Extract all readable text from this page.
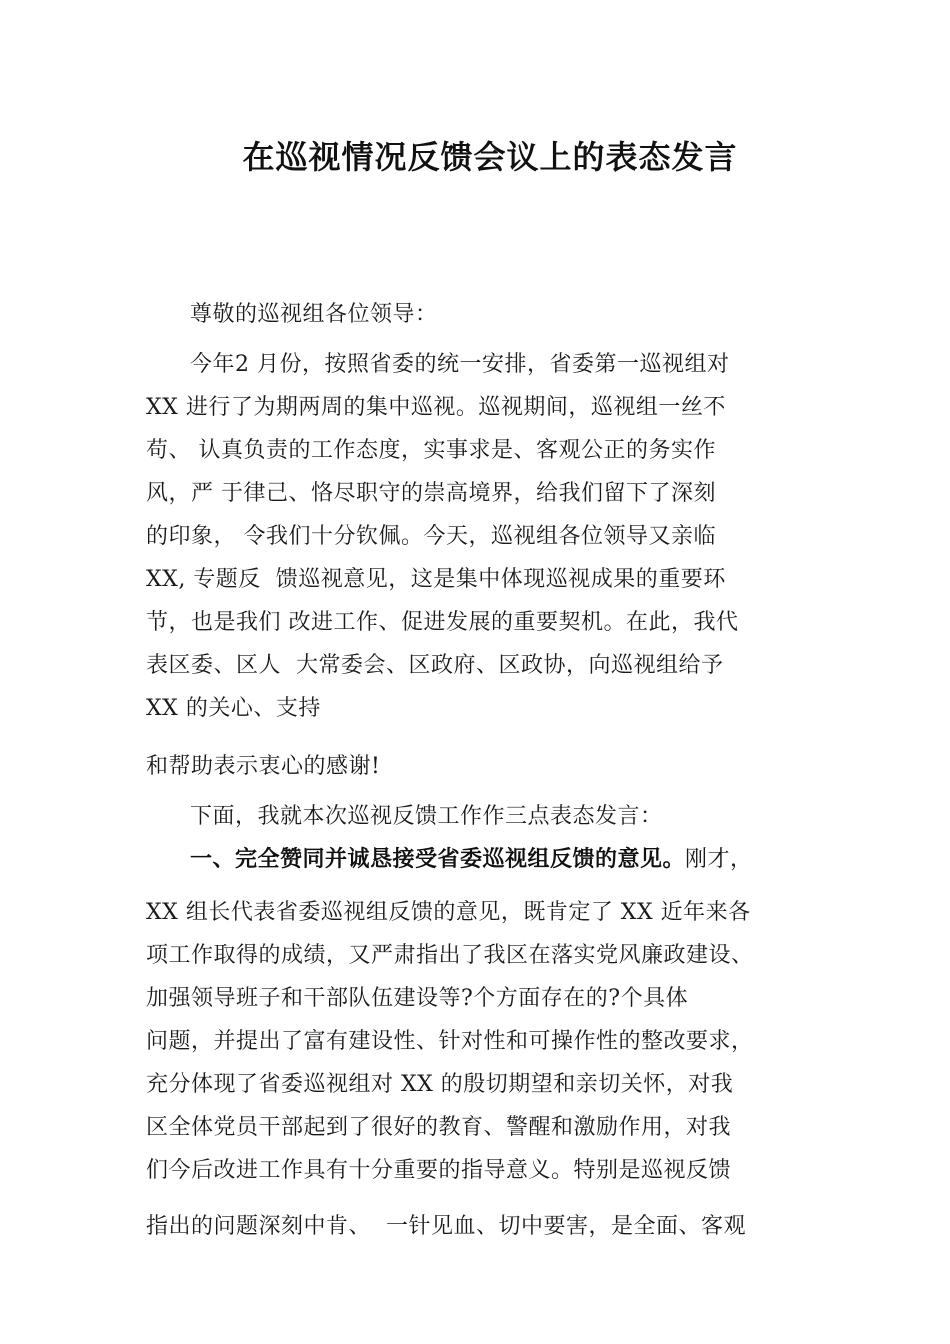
在巡视情况反馈会议上的表态发言
尊敬的巡视组各位领导：
今年2 月份，按照省委的统一安排，省委第一巡视组对
XX 进行了为期两周的集中巡视。巡视期间，巡视组一丝不
苟、 认真负责的工作态度，实事求是、客观公正的务实作
风，严 于律己、恪尽职守的崇高境界，给我们留下了深刻
的印象， 令我们十分钦佩。今天，巡视组各位领导又亲临
XX, 专题反  馈巡视意见，这是集中体现巡视成果的重要环
节，也是我们 改进工作、促进发展的重要契机。在此，我代
表区委、区人  大常委会、区政府、区政协，向巡视组给予
XX 的关心、支持
和帮助表示衷心的感谢!
下面，我就本次巡视反馈工作作三点表态发言：
一、完全赞同并诚恳接受省委巡视组反馈的意见。刚才，
XX 组长代表省委巡视组反馈的意见，既肯定了 XX 近年来各
项工作取得的成绩，又严肃指出了我区在落实党风廉政建设、
加强领导班子和干部队伍建设等?个方面存在的?个具体
问题，并提出了富有建设性、针对性和可操作性的整改要求，
充分体现了省委巡视组对 XX 的殷切期望和亲切关怀，对我
区全体党员干部起到了很好的教育、警醒和激励作用，对我
们今后改进工作具有十分重要的指导意义。特别是巡视反馈
指出的问题深刻中肯、  一针见血、切中要害，是全面、客观
